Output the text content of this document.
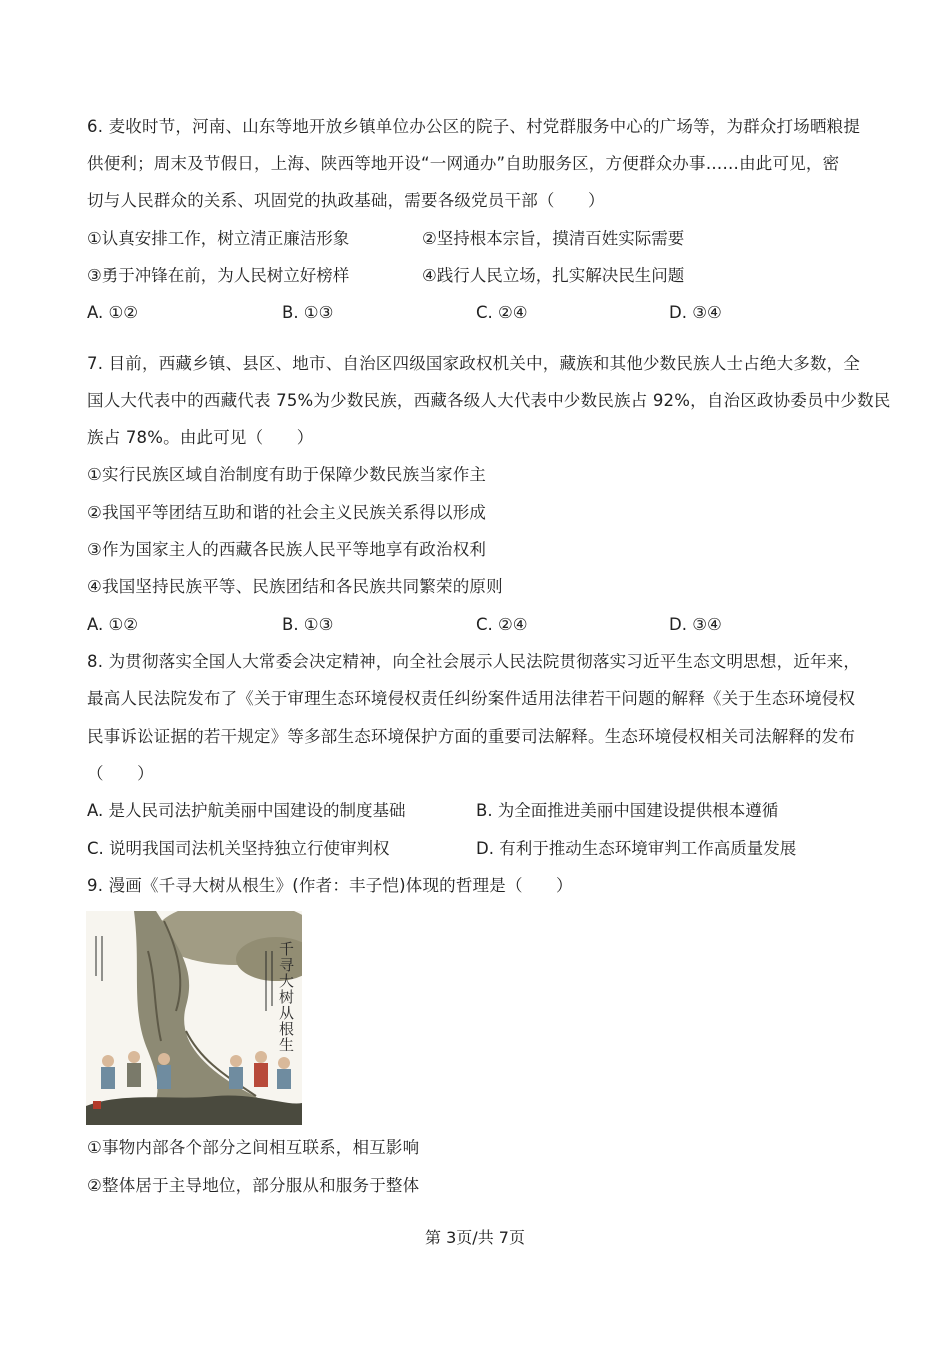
6. 麦收时节，河南、山东等地开放乡镇单位办公区的院子、村党群服务中心的广场等，为群众打场晒粮提
供便利；周末及节假日，上海、陕西等地开设“一网通办”自助服务区，方便群众办事……由此可见，密
切与人民群众的关系、巩固党的执政基础，需要各级党员干部（　　）
①认真安排工作，树立清正廉洁形象	②坚持根本宗旨，摸清百姓实际需要
③勇于冲锋在前，为人民树立好榜样	④践行人民立场，扎实解决民生问题
A. ①②	B. ①③	C. ②④	D. ③④
7. 目前，西藏乡镇、县区、地市、自治区四级国家政权机关中，藏族和其他少数民族人士占绝大多数，全
国人大代表中的西藏代表 75%为少数民族，西藏各级人大代表中少数民族占 92%，自治区政协委员中少数民
族占 78%。由此可见（　　）
①实行民族区域自治制度有助于保障少数民族当家作主
②我国平等团结互助和谐的社会主义民族关系得以形成
③作为国家主人的西藏各民族人民平等地享有政治权利
④我国坚持民族平等、民族团结和各民族共同繁荣的原则
A. ①②	B. ①③	C. ②④	D. ③④
8. 为贯彻落实全国人大常委会决定精神，向全社会展示人民法院贯彻落实习近平生态文明思想，近年来，
最高人民法院发布了《关于审理生态环境侵权责任纠纷案件适用法律若干问题的解释《关于生态环境侵权
民事诉讼证据的若干规定》等多部生态环境保护方面的重要司法解释。生态环境侵权相关司法解释的发布
（　　）
A. 是人民司法护航美丽中国建设的制度基础	B. 为全面推进美丽中国建设提供根本遵循
C. 说明我国司法机关坚持独立行使审判权	D. 有利于推动生态环境审判工作高质量发展
9. 漫画《千寻大树从根生》(作者：丰子恺)体现的哲理是（　　）
千寻大树从根生
①事物内部各个部分之间相互联系，相互影响
②整体居于主导地位，部分服从和服务于整体
第 3页/共 7页
